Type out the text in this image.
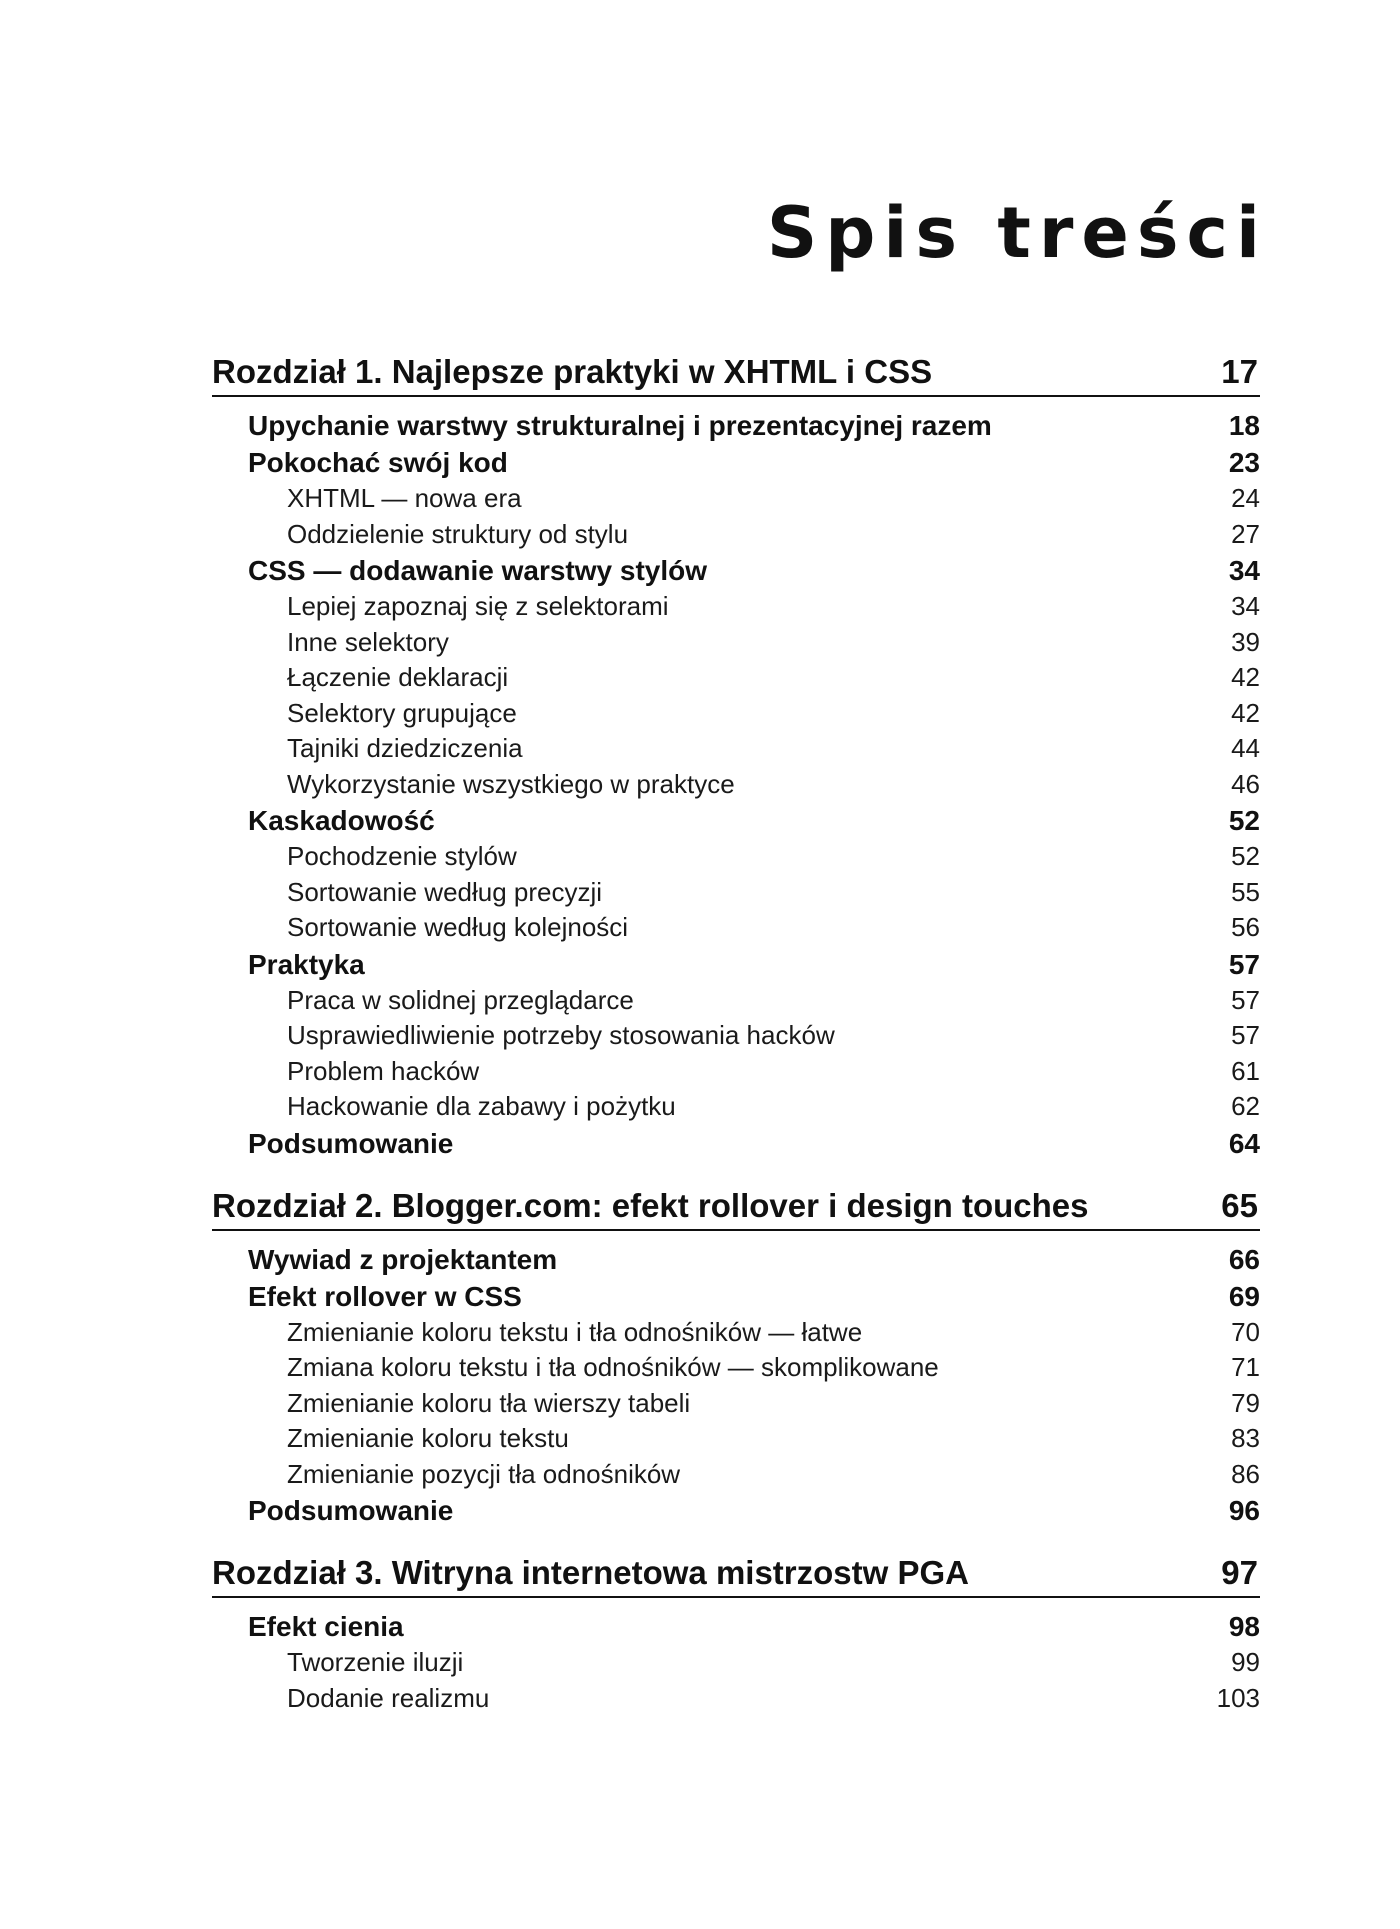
Spis treści
Rozdział 1. Najlepsze praktyki w XHTML i CSS	17
Upychanie warstwy strukturalnej i prezentacyjnej razem	18
Pokochać swój kod	23
XHTML — nowa era	24
Oddzielenie struktury od stylu	27
CSS — dodawanie warstwy stylów	34
Lepiej zapoznaj się z selektorami	34
Inne selektory	39
Łączenie deklaracji	42
Selektory grupujące	42
Tajniki dziedziczenia	44
Wykorzystanie wszystkiego w praktyce	46
Kaskadowość	52
Pochodzenie stylów	52
Sortowanie według precyzji	55
Sortowanie według kolejności	56
Praktyka	57
Praca w solidnej przeglądarce	57
Usprawiedliwienie potrzeby stosowania hacków	57
Problem hacków	61
Hackowanie dla zabawy i pożytku	62
Podsumowanie	64
Rozdział 2. Blogger.com: efekt rollover i design touches	65
Wywiad z projektantem	66
Efekt rollover w CSS	69
Zmienianie koloru tekstu i tła odnośników — łatwe	70
Zmiana koloru tekstu i tła odnośników — skomplikowane	71
Zmienianie koloru tła wierszy tabeli	79
Zmienianie koloru tekstu	83
Zmienianie pozycji tła odnośników	86
Podsumowanie	96
Rozdział 3. Witryna internetowa mistrzostw PGA	97
Efekt cienia	98
Tworzenie iluzji	99
Dodanie realizmu	103
